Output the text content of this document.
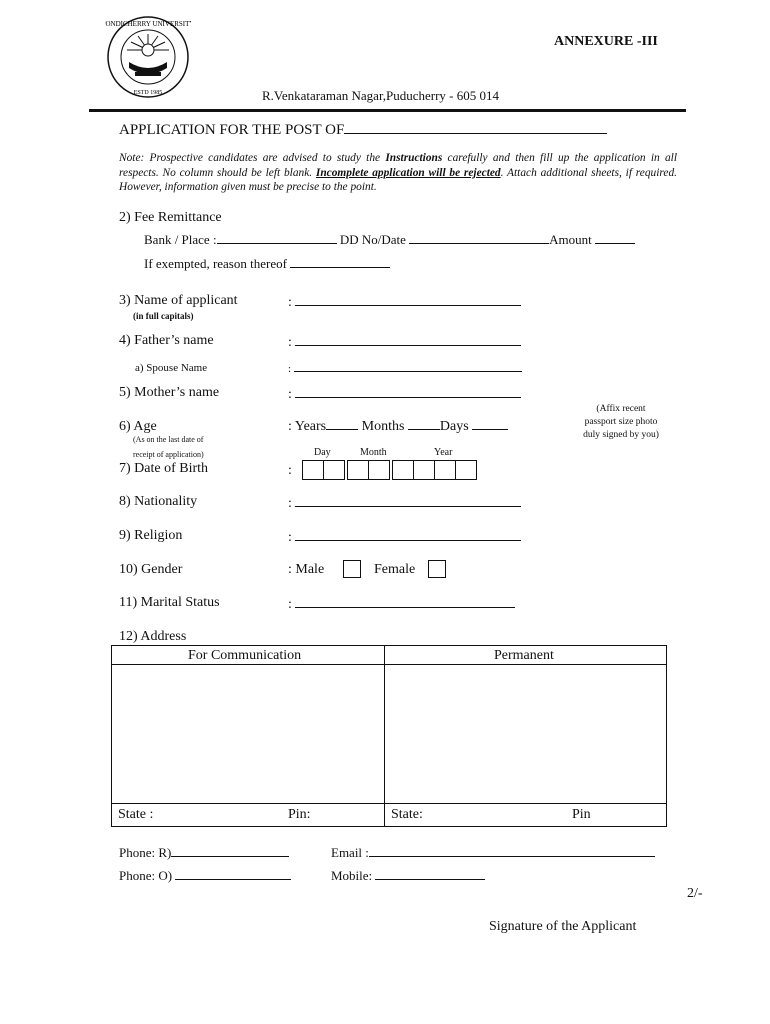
PONDICHERRY UNIVERSITY
ESTD 1985
ANNEXURE -III
R.Venkataraman Nagar,Puducherry - 605 014
APPLICATION FOR THE POST OF
Note: Prospective candidates are advised to study the Instructions carefully and then fill up the application in all respects. No column should be left blank. Incomplete application will be rejected. Attach additional sheets, if required. However, information given must be precise to the point.
2) Fee Remittance
Bank / Place :	DD No/Date	Amount
If exempted, reason thereof
3) Name of applicant
(in full capitals)
:
4) Father’s name	:
a) Spouse Name	:
5) Mother’s name	:
(Affix recent
passport size photo
duly signed by you)
6) Age
(As on the last date of
receipt of application)
: Years	Months	Days
Day	Month	Year
7) Date of Birth	:
8) Nationality	:
9) Religion	:
10) Gender	: Male	Female
11) Marital Status	:
12) Address
For Communication	Permanent
State :	Pin:	State:	Pin
Phone: R)	Email :
Phone: O)	Mobile:
2/-
Signature of the Applicant
